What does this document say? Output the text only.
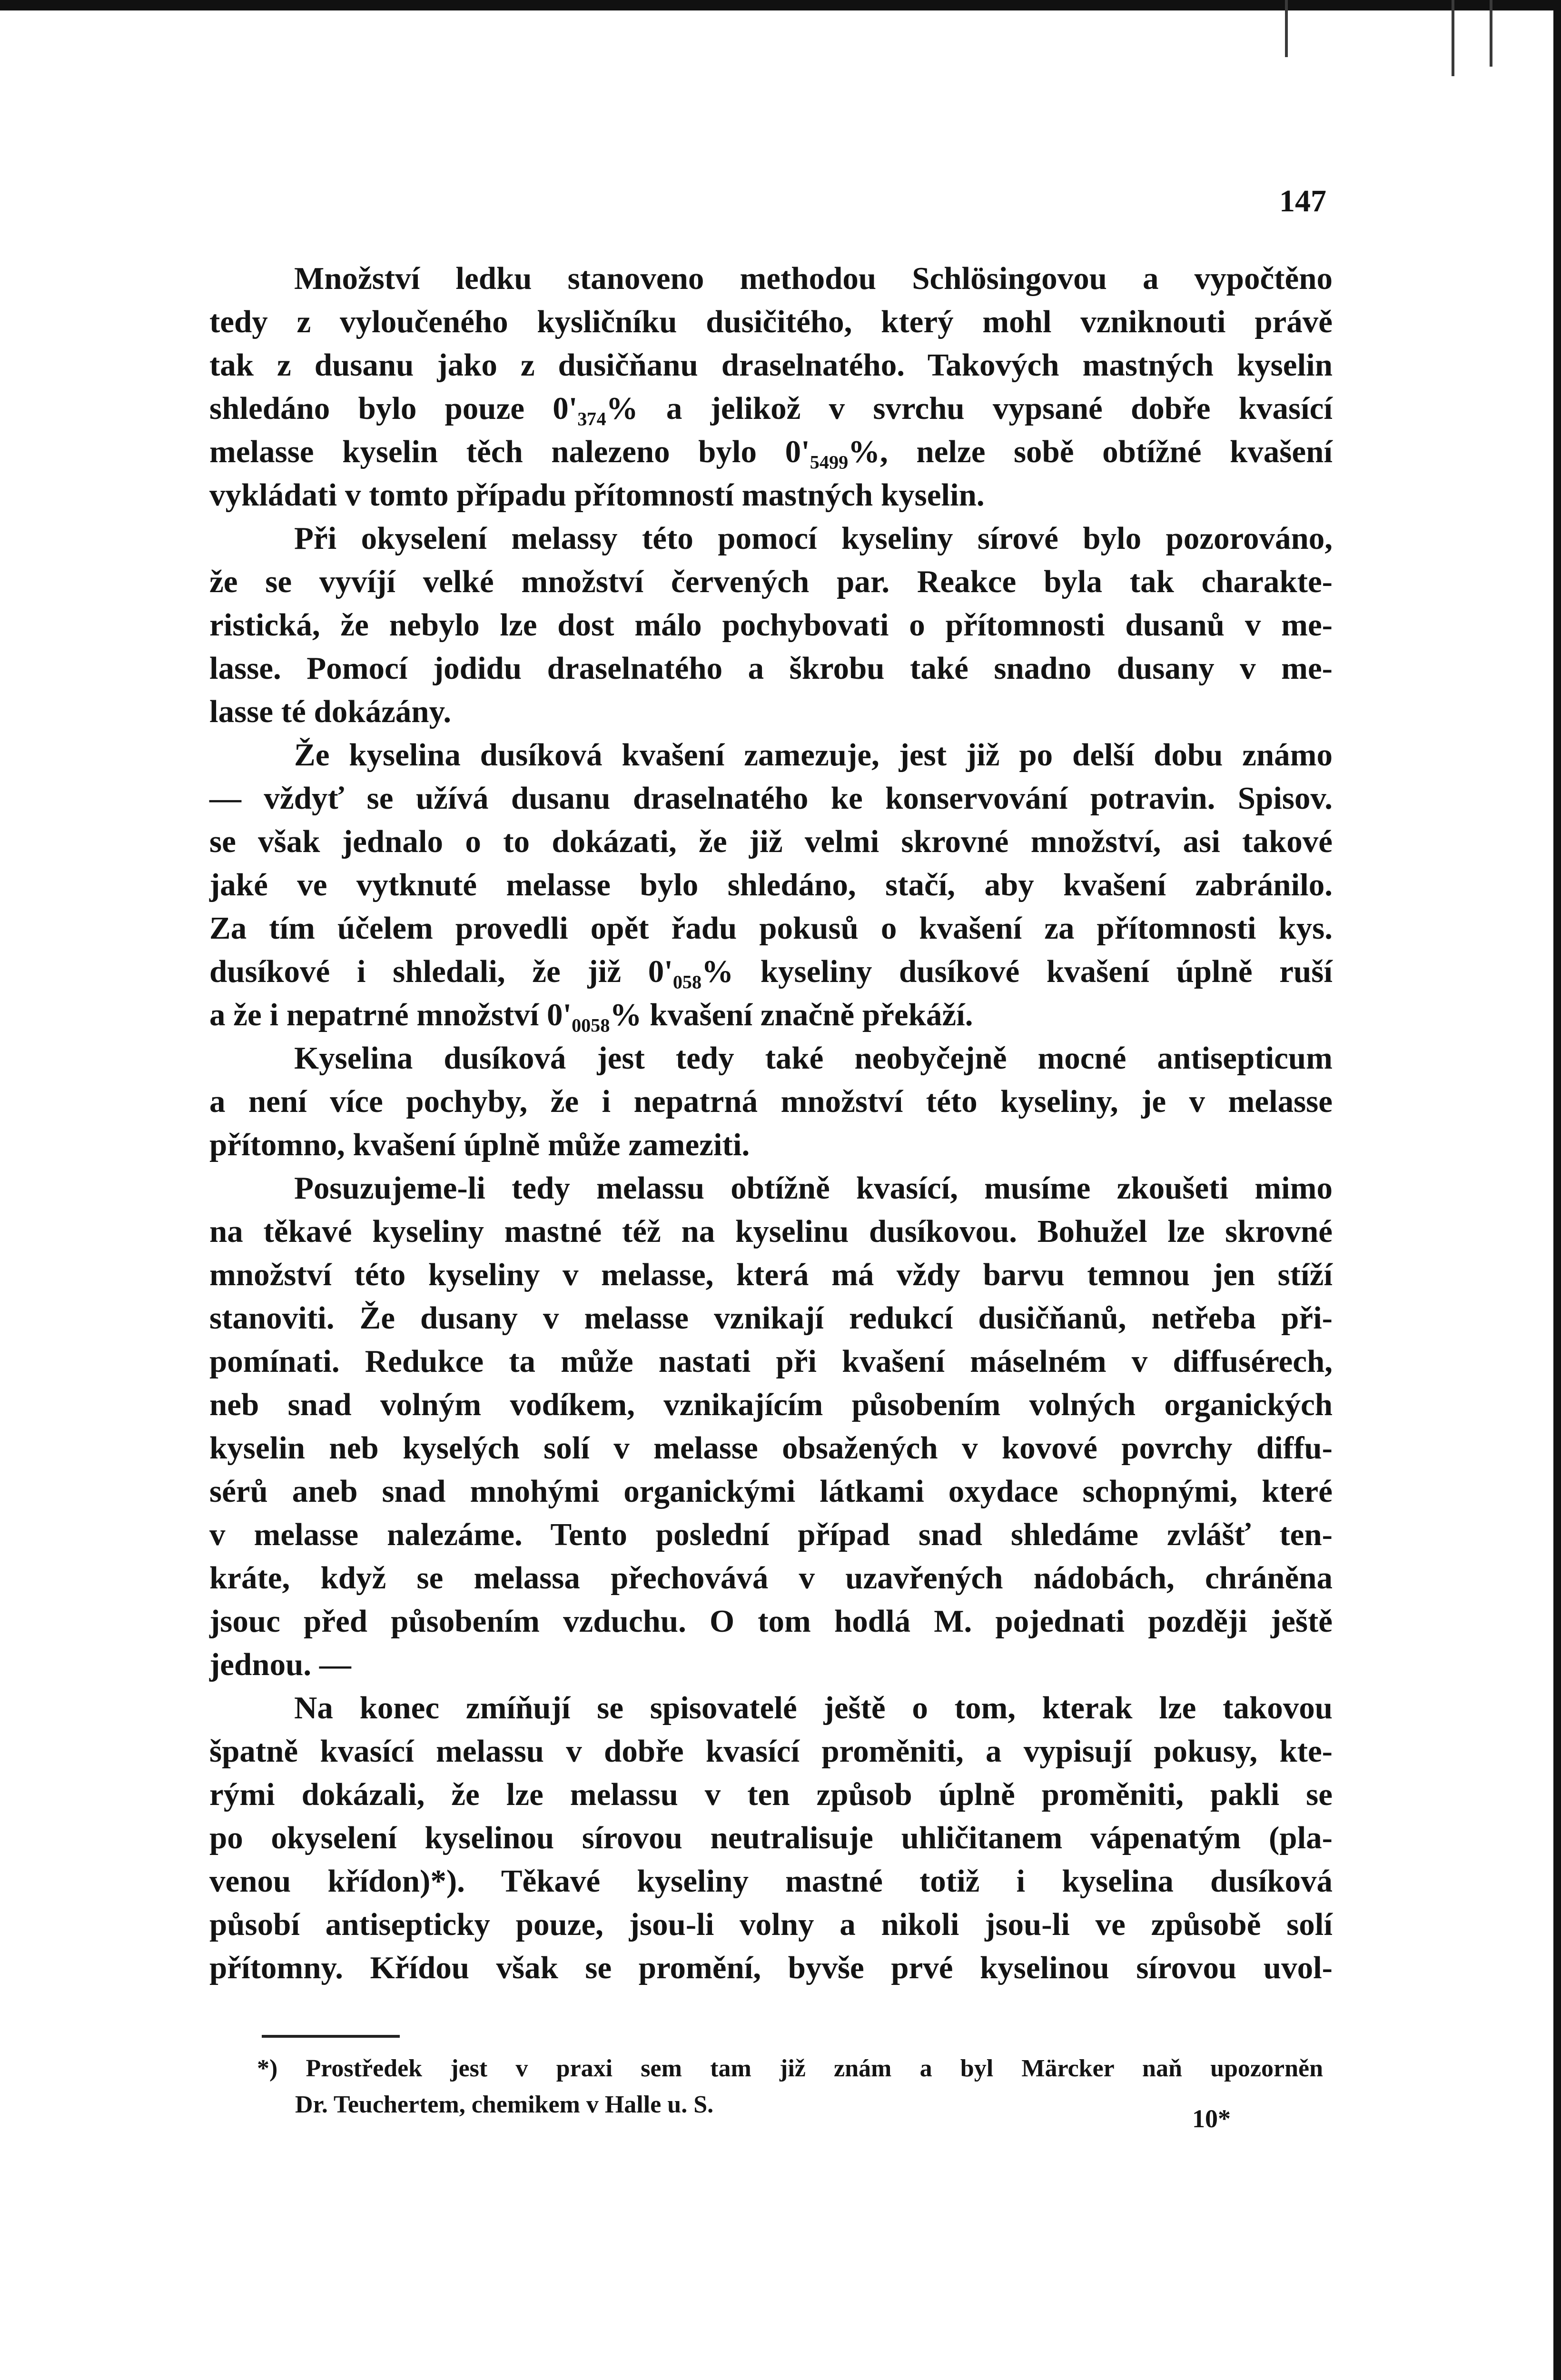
147
Množství ledku stanoveno methodou Schlösingovou a vypočtěno
tedy z vyloučeného kysličníku dusičitého, který mohl vzniknouti právě
tak z dusanu jako z dusičňanu draselnatého. Takových mastných kyselin
shledáno bylo pouze 0'₃₇₄% a jelikož v svrchu vypsané dobře kvasící
melasse kyselin těch nalezeno bylo 0'₅₄₉₉%, nelze sobě obtížné kvašení
vykládati v tomto případu přítomností mastných kyselin.
Při okyselení melassy této pomocí kyseliny sírové bylo pozorováno,
že se vyvíjí velké množství červených par. Reakce byla tak charakte-
ristická, že nebylo lze dost málo pochybovati o přítomnosti dusanů v me-
lasse. Pomocí jodidu draselnatého a škrobu také snadno dusany v me-
lasse té dokázány.
Že kyselina dusíková kvašení zamezuje, jest již po delší dobu známo
— vždyť se užívá dusanu draselnatého ke konservování potravin. Spisov.
se však jednalo o to dokázati, že již velmi skrovné množství, asi takové
jaké ve vytknuté melasse bylo shledáno, stačí, aby kvašení zabránilo.
Za tím účelem provedli opět řadu pokusů o kvašení za přítomnosti kys.
dusíkové i shledali, že již 0'₀₅₈% kyseliny dusíkové kvašení úplně ruší
a že i nepatrné množství 0'₀₀₅₈% kvašení značně překáží.
Kyselina dusíková jest tedy také neobyčejně mocné antisepticum
a není více pochyby, že i nepatrná množství této kyseliny, je v melasse
přítomno, kvašení úplně může zameziti.
Posuzujeme-li tedy melassu obtížně kvasící, musíme zkoušeti mimo
na těkavé kyseliny mastné též na kyselinu dusíkovou. Bohužel lze skrovné
množství této kyseliny v melasse, která má vždy barvu temnou jen stíží
stanoviti. Že dusany v melasse vznikají redukcí dusičňanů, netřeba při-
pomínati. Redukce ta může nastati při kvašení máselném v diffusérech,
neb snad volným vodíkem, vznikajícím působením volných organických
kyselin neb kyselých solí v melasse obsažených v kovové povrchy diffu-
sérů aneb snad mnohými organickými látkami oxydace schopnými, které
v melasse nalezáme. Tento poslední případ snad shledáme zvlášť ten-
kráte, když se melassa přechovává v uzavřených nádobách, chráněna
jsouc před působením vzduchu. O tom hodlá M. pojednati později ještě
jednou. —
Na konec zmíňují se spisovatelé ještě o tom, kterak lze takovou
špatně kvasící melassu v dobře kvasící proměniti, a vypisují pokusy, kte-
rými dokázali, že lze melassu v ten způsob úplně proměniti, pakli se
po okyselení kyselinou sírovou neutralisuje uhličitanem vápenatým (pla-
venou křídon)*). Těkavé kyseliny mastné totiž i kyselina dusíková
působí antisepticky pouze, jsou-li volny a nikoli jsou-li ve způsobě solí
přítomny. Křídou však se promění, byvše prvé kyselinou sírovou uvol-
*) Prostředek jest v praxi sem tam již znám a byl Märcker naň upozorněn
Dr. Teuchertem, chemikem v Halle u. S.	10*
